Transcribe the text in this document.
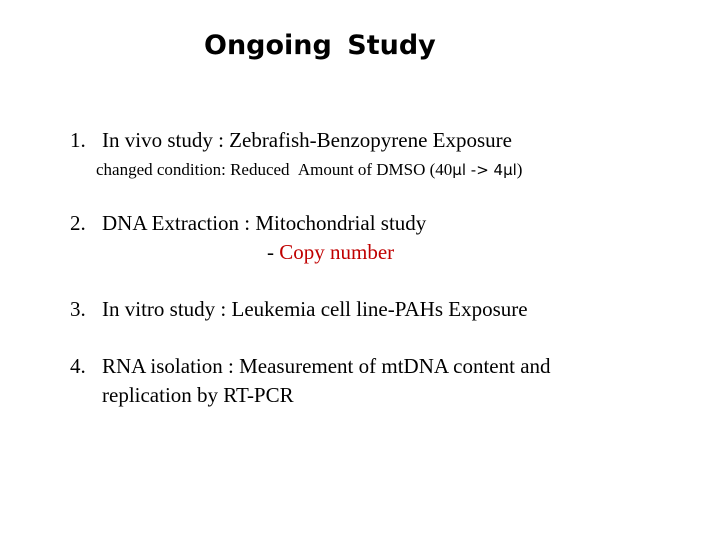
Ongoing Study
1. In vivo study : Zebrafish-Benzopyrene Exposure
changed condition: Reduced Amount of DMSO (40μl -> 4μl)
2. DNA Extraction : Mitochondrial study
- Copy number
3. In vitro study : Leukemia cell line-PAHs Exposure
4. RNA isolation : Measurement of mtDNA content and
replication by RT-PCR
